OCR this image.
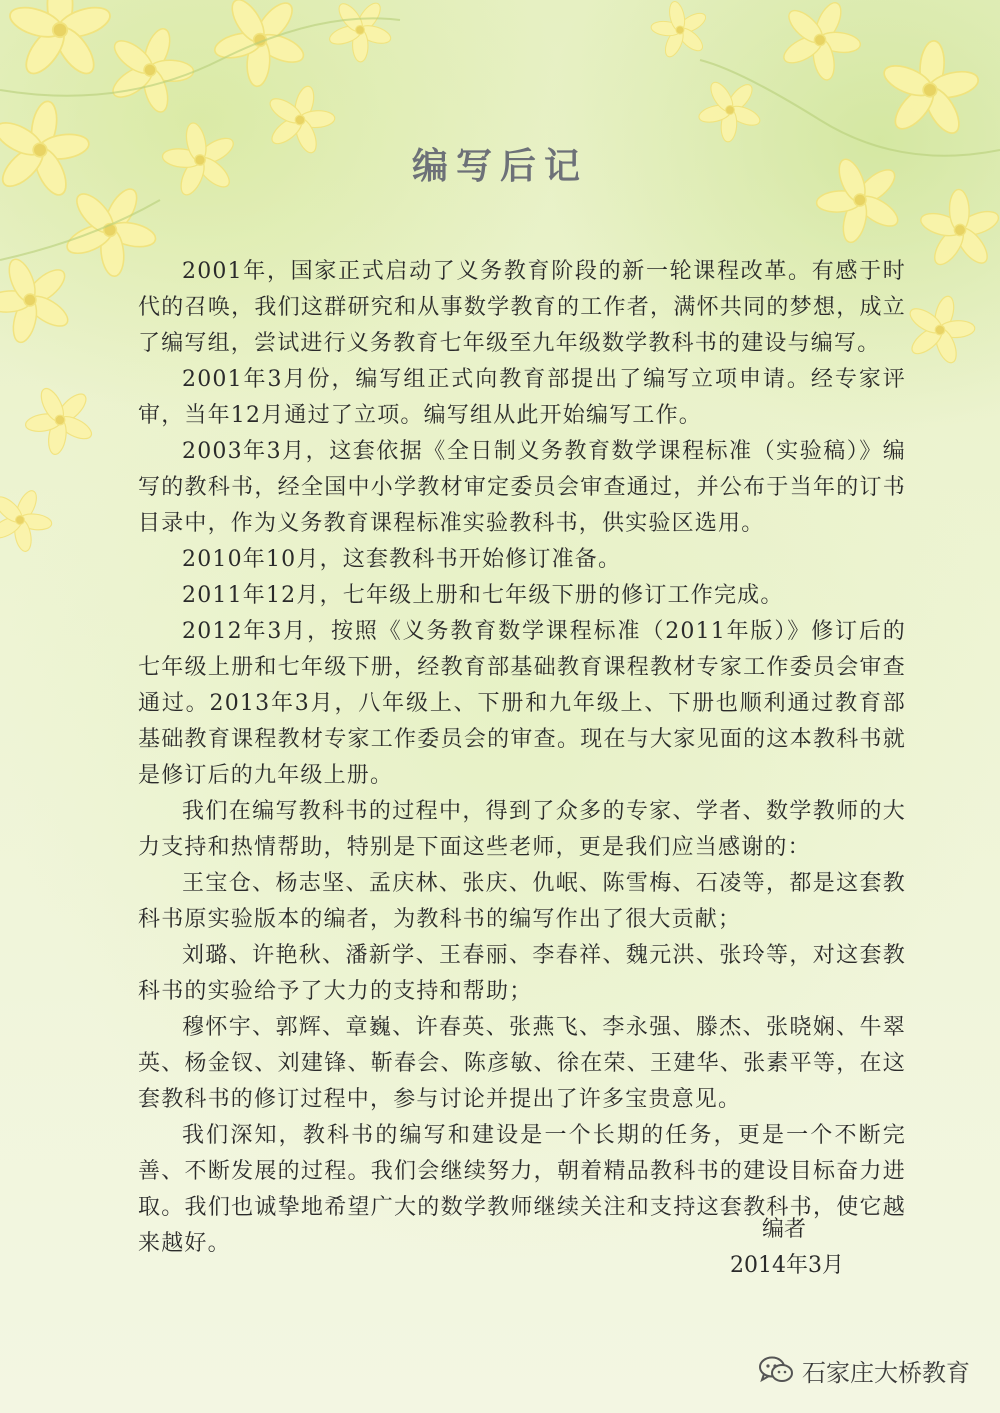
编写后记

2001年，国家正式启动了义务教育阶段的新一轮课程改革。有感于时代的召唤，我们这群研究和从事数学教育的工作者，满怀共同的梦想，成立了编写组，尝试进行义务教育七年级至九年级数学教科书的建设与编写。

2001年3月份，编写组正式向教育部提出了编写立项申请。经专家评审，当年12月通过了立项。编写组从此开始编写工作。

2003年3月，这套依据《全日制义务教育数学课程标准（实验稿）》编写的教科书，经全国中小学教材审定委员会审查通过，并公布于当年的订书目录中，作为义务教育课程标准实验教科书，供实验区选用。

2010年10月，这套教科书开始修订准备。

2011年12月，七年级上册和七年级下册的修订工作完成。

2012年3月，按照《义务教育数学课程标准（2011年版）》修订后的七年级上册和七年级下册，经教育部基础教育课程教材专家工作委员会审查通过。2013年3月，八年级上、下册和九年级上、下册也顺利通过教育部基础教育课程教材专家工作委员会的审查。现在与大家见面的这本教科书就是修订后的九年级上册。

我们在编写教科书的过程中，得到了众多的专家、学者、数学教师的大力支持和热情帮助，特别是下面这些老师，更是我们应当感谢的：

王宝仓、杨志坚、孟庆林、张庆、仇岷、陈雪梅、石凌等，都是这套教科书原实验版本的编者，为教科书的编写作出了很大贡献；

刘璐、许艳秋、潘新学、王春丽、李春祥、魏元洪、张玲等，对这套教科书的实验给予了大力的支持和帮助；

穆怀宇、郭辉、章巍、许春英、张燕飞、李永强、滕杰、张晓娴、牛翠英、杨金钗、刘建锋、靳春会、陈彦敏、徐在荣、王建华、张素平等，在这套教科书的修订过程中，参与讨论并提出了许多宝贵意见。

我们深知，教科书的编写和建设是一个长期的任务，更是一个不断完善、不断发展的过程。我们会继续努力，朝着精品教科书的建设目标奋力进取。我们也诚挚地希望广大的数学教师继续关注和支持这套教科书，使它越来越好。

编者
2014年3月
石家庄大桥教育
